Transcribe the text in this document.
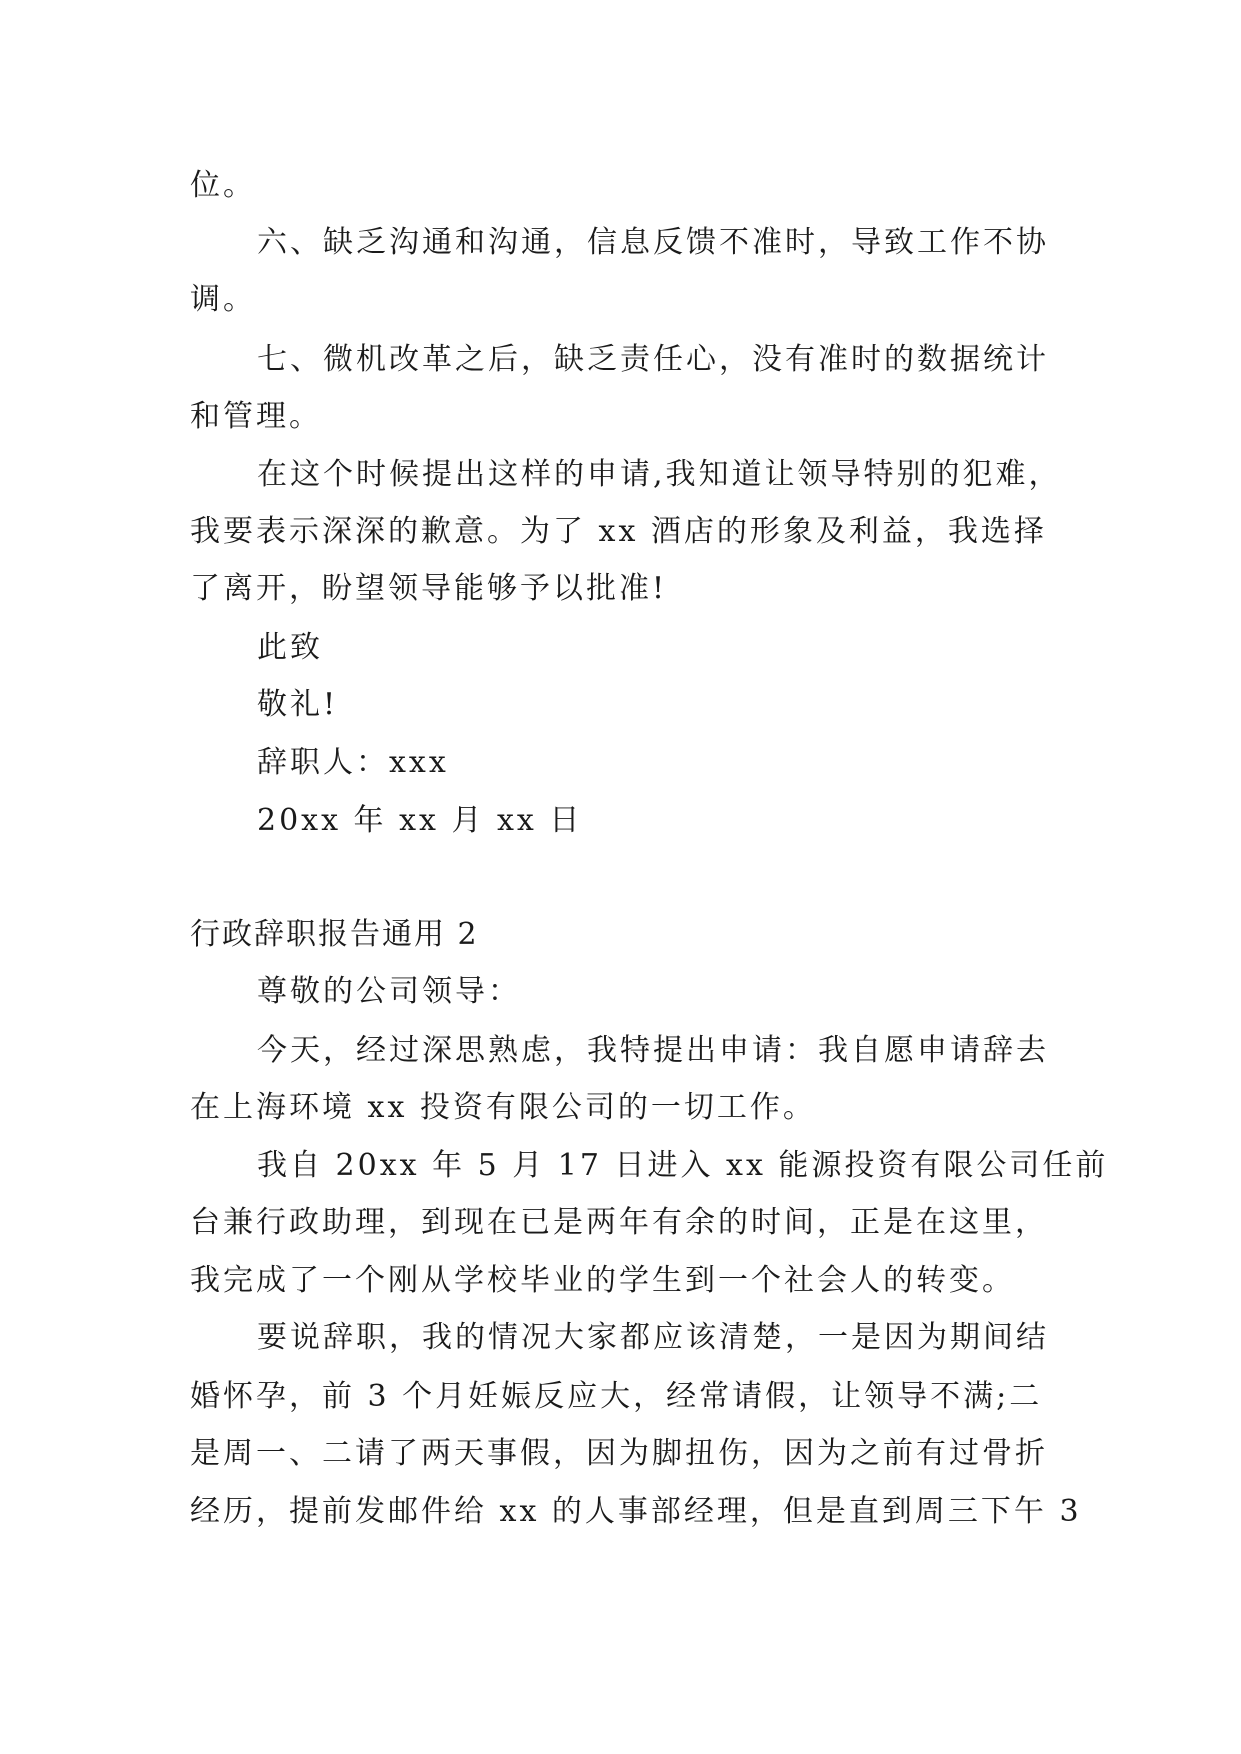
位。
六、缺乏沟通和沟通，信息反馈不准时，导致工作不协
调。
七、微机改革之后，缺乏责任心，没有准时的数据统计
和管理。
在这个时候提出这样的申请,我知道让领导特别的犯难，
我要表示深深的歉意。为了 xx 酒店的形象及利益，我选择
了离开，盼望领导能够予以批准!
此致
敬礼!
辞职人：xxx
20xx 年 xx 月 xx 日
行政辞职报告通用 2
尊敬的公司领导：
今天，经过深思熟虑，我特提出申请：我自愿申请辞去
在上海环境 xx 投资有限公司的一切工作。
我自 20xx 年 5 月 17 日进入 xx 能源投资有限公司任前
台兼行政助理，到现在已是两年有余的时间，正是在这里，
我完成了一个刚从学校毕业的学生到一个社会人的转变。
要说辞职，我的情况大家都应该清楚，一是因为期间结
婚怀孕，前 3 个月妊娠反应大，经常请假，让领导不满;二
是周一、二请了两天事假，因为脚扭伤，因为之前有过骨折
经历，提前发邮件给 xx 的人事部经理，但是直到周三下午 3
